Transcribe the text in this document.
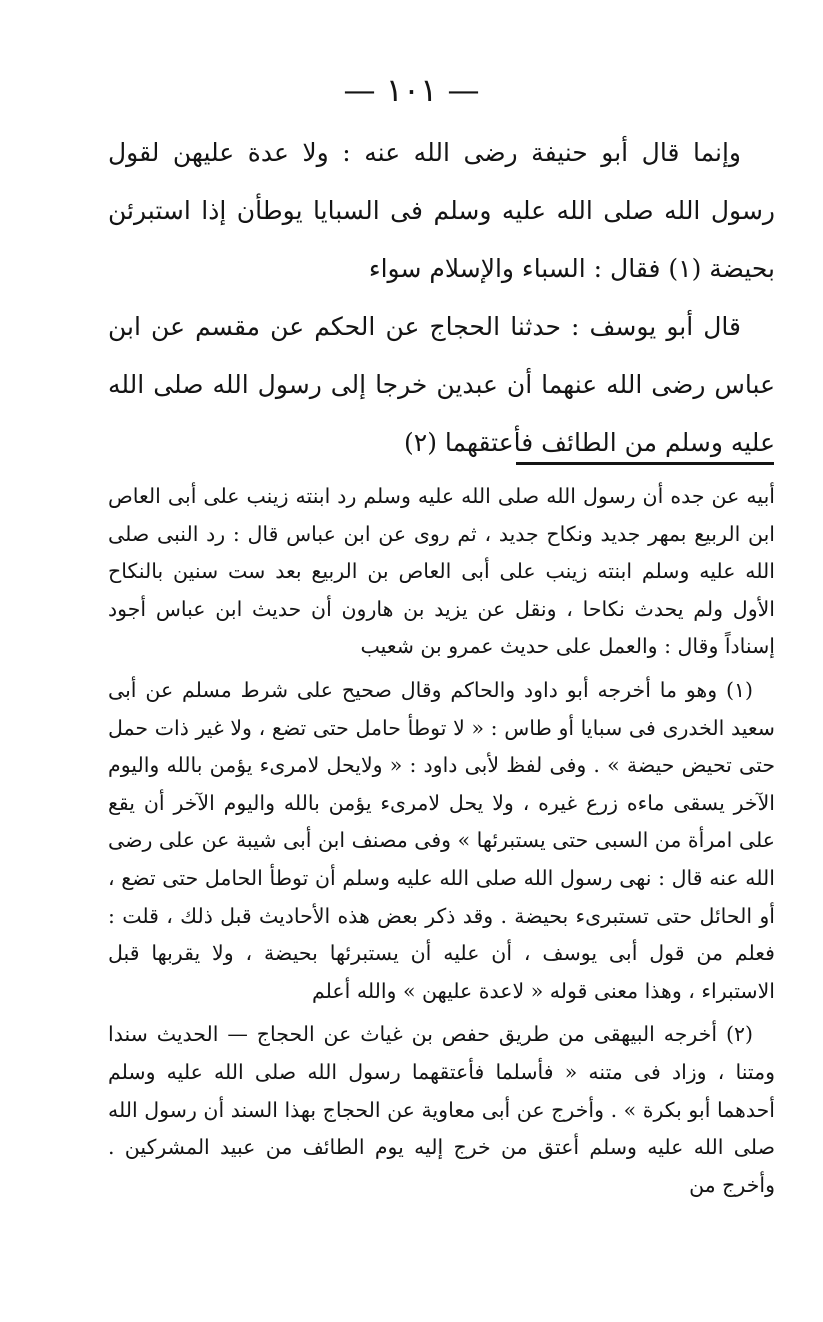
— ١٠١ —

وإنما قال أبو حنيفة رضى الله عنه : ولا عدة عليهن لقول رسول الله صلى الله عليه وسلم فى السبايا يوطأن إذا استبرئن بحيضة (١) فقال : السباء والإسلام سواء

قال أبو يوسف : حدثنا الحجاج عن الحكم عن مقسم عن ابن عباس رضى الله عنهما أن عبدين خرجا إلى رسول الله صلى الله عليه وسلم من الطائف فأعتقهما (٢)

أبيه عن جده أن رسول الله صلى الله عليه وسلم رد ابنته زينب على أبى العاص ابن الربيع بمهر جديد ونكاح جديد ، ثم روى عن ابن عباس قال : رد النبى صلى الله عليه وسلم ابنته زينب على أبى العاص بن الربيع بعد ست سنين بالنكاح الأول ولم يحدث نكاحا ، ونقل عن يزيد بن هارون أن حديث ابن عباس أجود إسناداً وقال : والعمل على حديث عمرو بن شعيب

(١) وهو ما أخرجه أبو داود والحاكم وقال صحيح على شرط مسلم عن أبى سعيد الخدرى فى سبايا أو طاس : « لا توطأ حامل حتى تضع ، ولا غير ذات حمل حتى تحيض حيضة » . وفى لفظ لأبى داود : « ولايحل لامرىء يؤمن بالله واليوم الآخر يسقى ماءه زرع غيره ، ولا يحل لامرىء يؤمن بالله واليوم الآخر أن يقع على امرأة من السبى حتى يستبرئها » وفى مصنف ابن أبى شيبة عن على رضى الله عنه قال : نهى رسول الله صلى الله عليه وسلم أن توطأ الحامل حتى تضع ، أو الحائل حتى تستبرىء بحيضة . وقد ذكر بعض هذه الأحاديث قبل ذلك ، قلت : فعلم من قول أبى يوسف ، أن عليه أن يستبرئها بحيضة ، ولا يقربها قبل الاستبراء ، وهذا معنى قوله « لاعدة عليهن » والله أعلم

(٢) أخرجه البيهقى من طريق حفص بن غياث عن الحجاج — الحديث سندا ومتنا ، وزاد فى متنه « فأسلما فأعتقهما رسول الله صلى الله عليه وسلم أحدهما أبو بكرة » . وأخرج عن أبى معاوية عن الحجاج بهذا السند أن رسول الله صلى الله عليه وسلم أعتق من خرج إليه يوم الطائف من عبيد المشركين . وأخرج من
